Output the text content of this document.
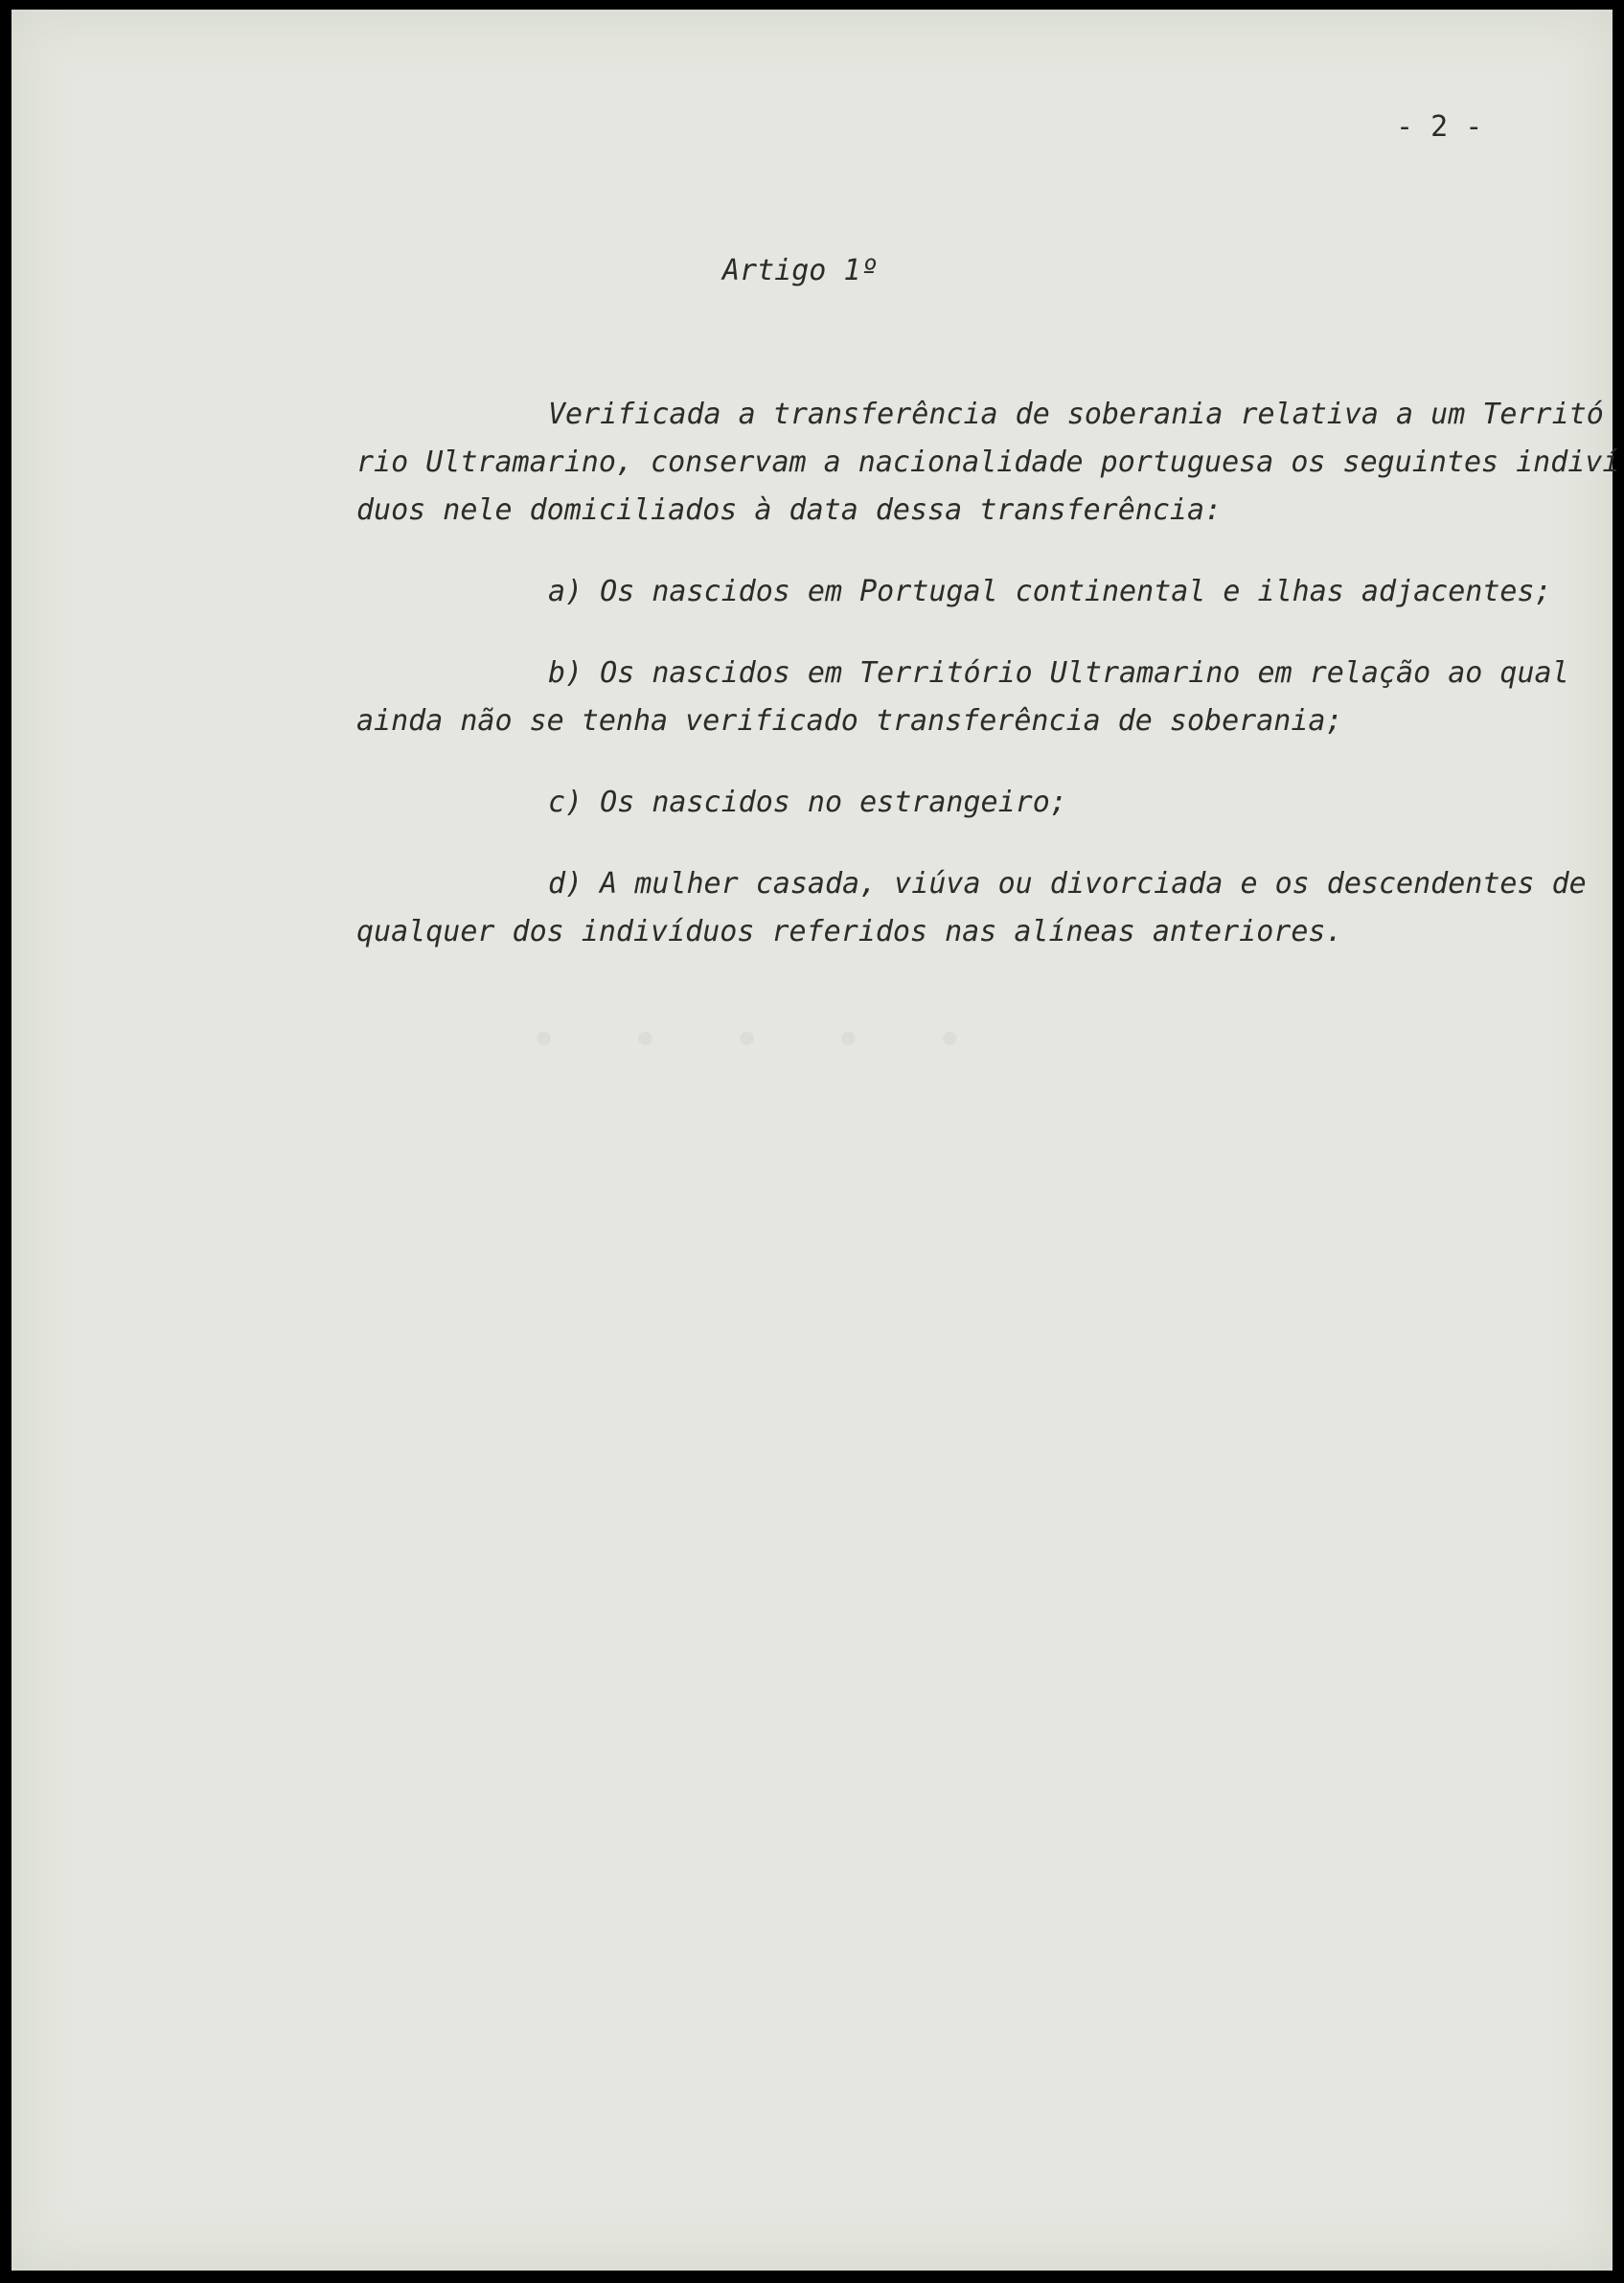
· · · · ·
- 2 -
Artigo 1º
Verificada a transferência de soberania relativa a um Territó
rio Ultramarino, conservam a nacionalidade portuguesa os seguintes indiví
duos nele domiciliados à data dessa transferência:
a) Os nascidos em Portugal continental e ilhas adjacentes;
b) Os nascidos em Território Ultramarino em relação ao qual
ainda não se tenha verificado transferência de soberania;
c) Os nascidos no estrangeiro;
d) A mulher casada, viúva ou divorciada e os descendentes de
qualquer dos indivíduos referidos nas alíneas anteriores.
